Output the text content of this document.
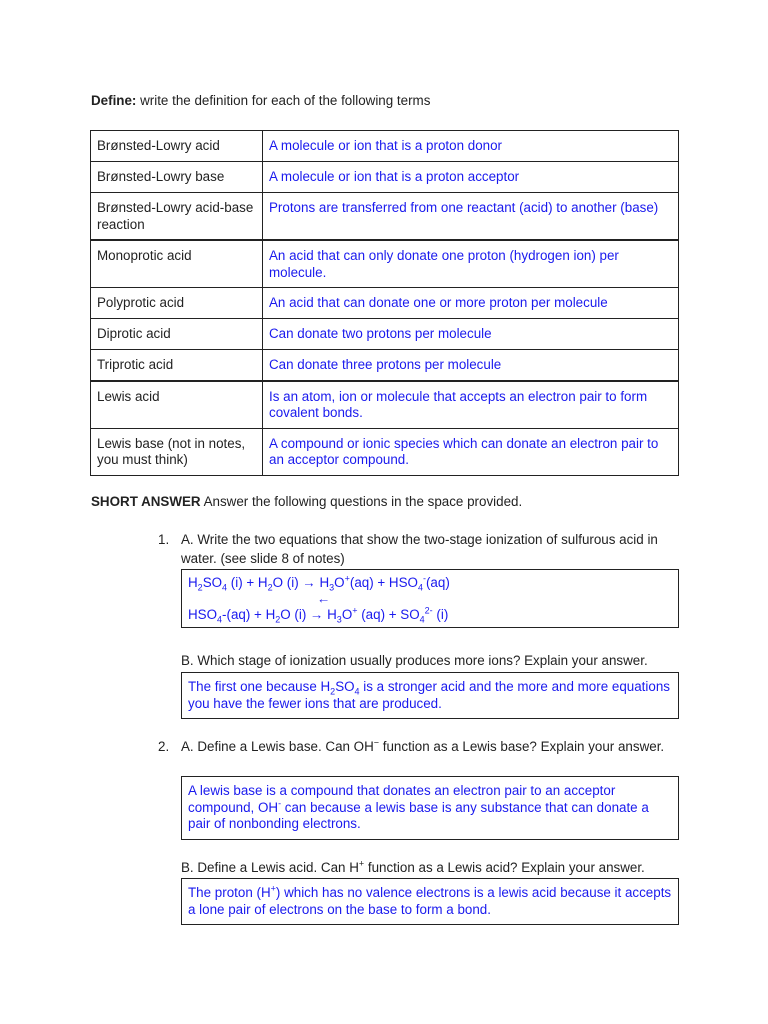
Define: write the definition for each of the following terms
Brønsted-Lowry acid	A molecule or ion that is a proton donor
Brønsted-Lowry base	A molecule or ion that is a proton acceptor
Brønsted-Lowry acid-base reaction	Protons are transferred from one reactant (acid) to another (base)
Monoprotic acid	An acid that can only donate one proton (hydrogen ion) per molecule.
Polyprotic acid	An acid that can donate one or more proton per molecule
Diprotic acid	Can donate two protons per molecule
Triprotic acid	Can donate three protons per molecule
Lewis acid	Is an atom, ion or molecule that accepts an electron pair to form covalent bonds.
Lewis base (not in notes, you must think)	A compound or ionic species which can donate an electron pair to an acceptor compound.
SHORT ANSWER Answer the following questions in the space provided.
1. A. Write the two equations that show the two-stage ionization of sulfurous acid in water. (see slide 8 of notes)
$H_2SO_4$ $(i) + H_2O$ $(i) \to H_3O^+(aq) + HSO_4^-(aq)$
←
$HSO_4-(aq) + H_2O$ $(i) \to H_3O^+$ $(aq) + SO_4^{2-}$ (i)
B. Which stage of ionization usually produces more ions? Explain your answer.
The first one because $H_2SO_4$ is a stronger acid and the more and more equations you have the fewer ions that are produced.
2. A. Define a Lewis base. Can OH− function as a Lewis base? Explain your answer.
A lewis base is a compound that donates an electron pair to an acceptor compound, OH- can because a lewis base is any substance that can donate a pair of nonbonding electrons.
B. Define a Lewis acid. Can H+ function as a Lewis acid? Explain your answer.
The proton (H+) which has no valence electrons is a lewis acid because it accepts a lone pair of electrons on the base to form a bond.
